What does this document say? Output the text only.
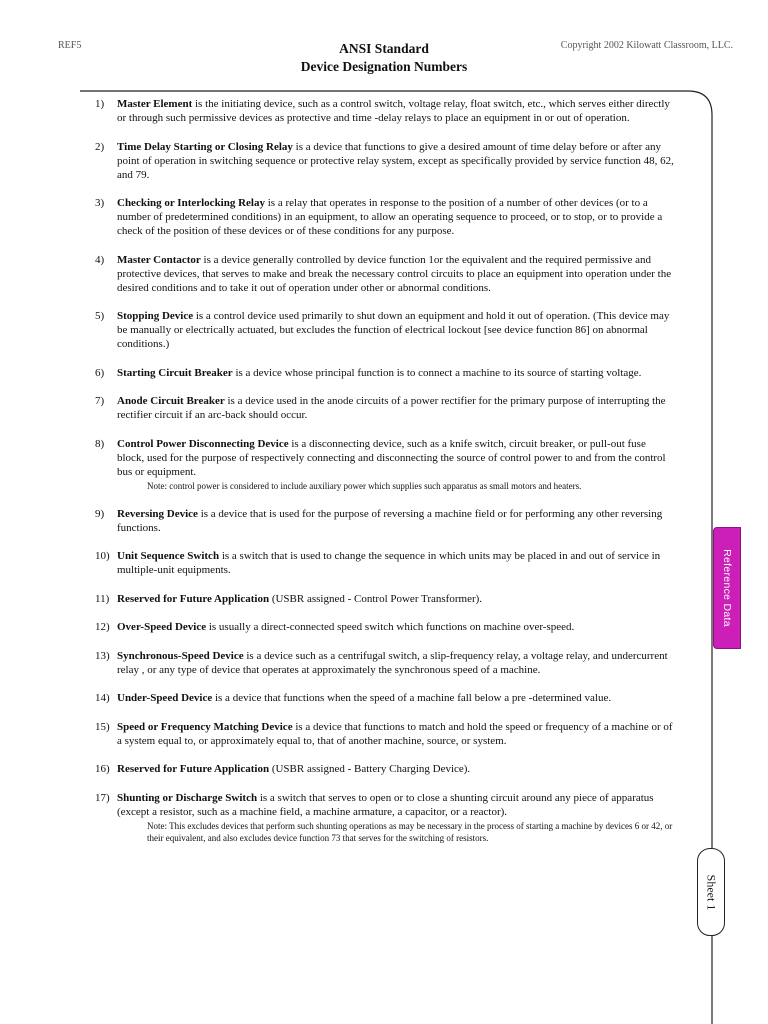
REF5	Copyright 2002 Kilowatt Classroom, LLC.
ANSI Standard
Device Designation Numbers
1)	Master Element is the initiating device, such as a control switch, voltage relay, float switch, etc., which serves either directly or through such permissive devices as protective and time -delay relays to place an equipment in or out of operation.
2)	Time Delay Starting or Closing Relay is a device that functions to give a desired amount of time delay before or after any point of operation in switching sequence or protective relay system, except as specifically provided by service function 48, 62, and 79.
3)	Checking or Interlocking Relay is a relay that operates in response to the position of a number of other devices (or to a number of predetermined conditions) in an equipment, to allow an operating sequence to proceed, or to stop, or to provide a check of the position of these devices or of these conditions for any purpose.
4)	Master Contactor is a device generally controlled by device function 1or the equivalent and the required permissive and protective devices, that serves to make and break the necessary control circuits to place an equipment into operation under the desired conditions and to take it out of operation under other or abnormal conditions.
5)	Stopping Device is a control device used primarily to shut down an equipment and hold it out of operation. (This device may be manually or electrically actuated, but excludes the function of electrical lockout [see device function 86] on abnormal conditions.)
6)	Starting Circuit Breaker is a device whose principal function is to connect a machine to its source of starting voltage.
7)	Anode Circuit Breaker is a device used in the anode circuits of a power rectifier for the primary purpose of interrupting the rectifier circuit if an arc-back should occur.
8)	Control Power Disconnecting Device is a disconnecting device, such as a knife switch, circuit breaker, or pull-out fuse block, used for the purpose of respectively connecting and disconnecting the source of control power to and from the control bus or equipment.
Note: control power is considered to include auxiliary power which supplies such apparatus as small motors and heaters.
9)	Reversing Device is a device that is used for the purpose of reversing a machine field or for performing any other reversing functions.
10) Unit Sequence Switch is a switch that is used to change the sequence in which units may be placed in and out of service in multiple-unit equipments.
11) Reserved for Future Application (USBR assigned - Control Power Transformer).
12) Over-Speed Device is usually a direct-connected speed switch which functions on machine over-speed.
13) Synchronous-Speed Device is a device such as a centrifugal switch, a slip-frequency relay, a voltage relay, and undercurrent relay , or any type of device that operates at approximately the synchronous speed of a machine.
14) Under-Speed Device is a device that functions when the speed of a machine fall below a pre -determined value.
15) Speed or Frequency Matching Device is a device that functions to match and hold the speed or frequency of a machine or of a system equal to, or approximately equal to, that of another machine, source, or system.
16) Reserved for Future Application (USBR assigned - Battery Charging Device).
17) Shunting or Discharge Switch is a switch that serves to open or to close a shunting circuit around any piece of apparatus (except a resistor, such as a machine field, a machine armature, a capacitor, or a reactor).
Note: This excludes devices that perform such shunting operations as may be necessary in the process of starting a machine by devices 6 or 42, or their equivalent, and also excludes device function 73 that serves for the switching of resistors.
Reference Data
Sheet 1
